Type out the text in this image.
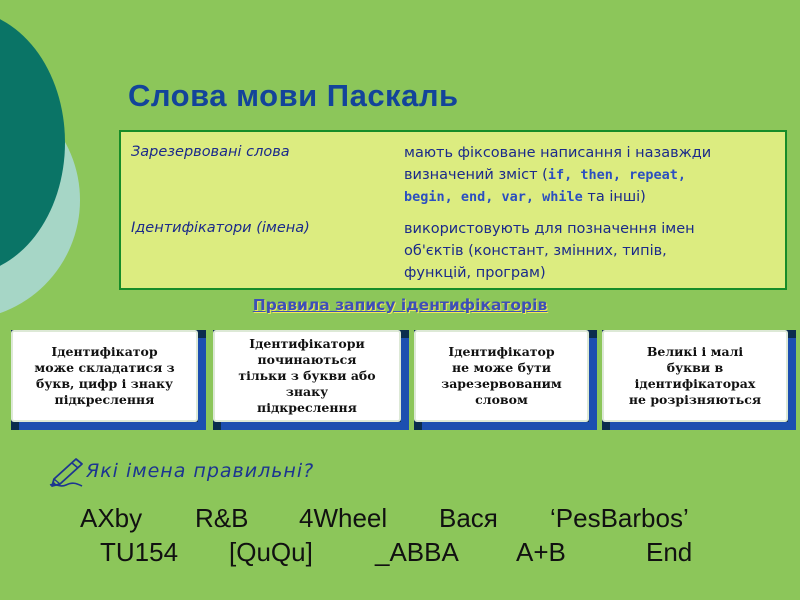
Слова мови Паскаль
Зарезервовані слова	мають фіксоване написання і назавжди
визначений зміст (if, then, repeat,
begin, end, var, while та інші)
Ідентифікатори (імена)	використовують для позначення імен
об'єктів (констант, змінних, типів,
функцій, програм)
Правила запису ідентифікаторів
Ідентифікатор
може складатися з
букв, цифр і знаку
підкреслення
Ідентифікатори
починаються
тільки з букви або
знаку
підкреслення
Ідентифікатор
не може бути
зарезервованим
словом
Великі і малі
букви в
ідентифікаторах
не розрізняються
Які імена правильні?
AXby R&B 4Wheel Вася ‘PesBarbos’
TU154 [QuQu] _ABBA A+B	End
